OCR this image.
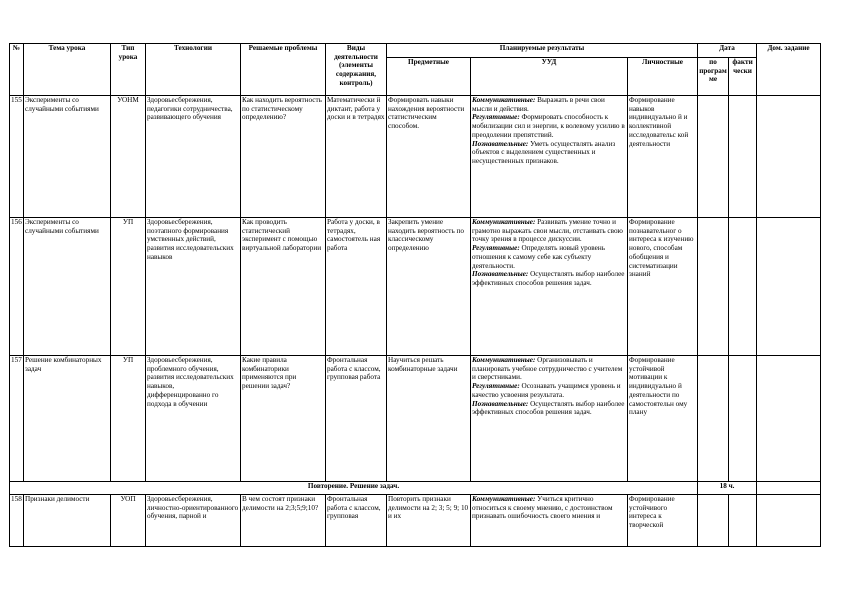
№	Тема урока	Тип урока	Технологии	Решаемые проблемы	Виды деятельности (элементы содержания, контроль)	Планируемые результаты			Дата		Дом. задание
						Предметные	УУД	Личностные	по програм ме	факти чески	
155	Эксперименты со случайными событиями	УОНМ	Здоровьесбережения, педагогики сотрудничества, развивающего обучения	Как находить вероятность по статистическому определению?	Математически й диктант, работа у доски и в тетрадях	Формировать навыки нахождения вероятности статистическим способом.	Коммуникативные: Выражать в речи свои мысли и действия.
Регулятивные: Формировать способность к мобилизации сил и энергии, к волевому усилию в преодолении препятствий.
Познавательные: Уметь осуществлять анализ объектов с выделением существенных и несущественных признаков.	Формирование навыков индивидуально й и коллективной исследовательс кой деятельности			
156	Эксперименты со случайными событиями	УП	Здоровьесбережения, поэтапного формирования умственных действий, развития исследовательских навыков	Как проводить статистический эксперимент с помощью виртуальной лаборатории	Работа у доски, в тетрадях, самостоятель ная работа	Закрепить умение находить вероятность по классическому определению	Коммуникативные: Развивать умение точно и грамотно выражать свои мысли, отстаивать свою точку зрения в процессе дискуссии.
Регулятивные: Определять новый уровень отношения к самому себе как субъекту деятельности.
Познавательные: Осуществлять выбор наиболее эффективных способов решения задач.	Формирование познавательног о интереса к изучению нового, способам обобщения и систематизации знаний			
157	Решение комбинаторных задач	УП	Здоровьесбережения, проблемного обучения, развития исследовательских навыков, дифференцированно го подхода в обучении	Какие правила комбинаторики применяются при решении задач?	Фронтальная работа с классом, групповая работа	Научиться решать комбинаторные задачи	Коммуникативные: Организовывать и планировать учебное сотрудничество с учителем и сверстниками.
Регулятивные: Осознавать учащимся уровень и качество усвоения результата.
Познавательные: Осуществлять выбор наиболее эффективных способов решения задач.	Формирование устойчивой мотивации к индивидуально й деятельности по самостоятельн ому плану			
Повторение. Решение задач.									18 ч.		
158	Признаки делимости	УОП	Здоровьесбережения, личностно-ориентированного обучения, парной и	В чем состоят признаки делимости на 2;3;5;9;10?	Фронтальная работа с классом, групповая	Повторить признаки делимости на 2; 3; 5; 9; 10 и их	Коммуникативные: Учиться критично относиться к своему мнению, с достоинством признавать ошибочность своего мнения и	Формирование устойчивого интереса к творческой			
